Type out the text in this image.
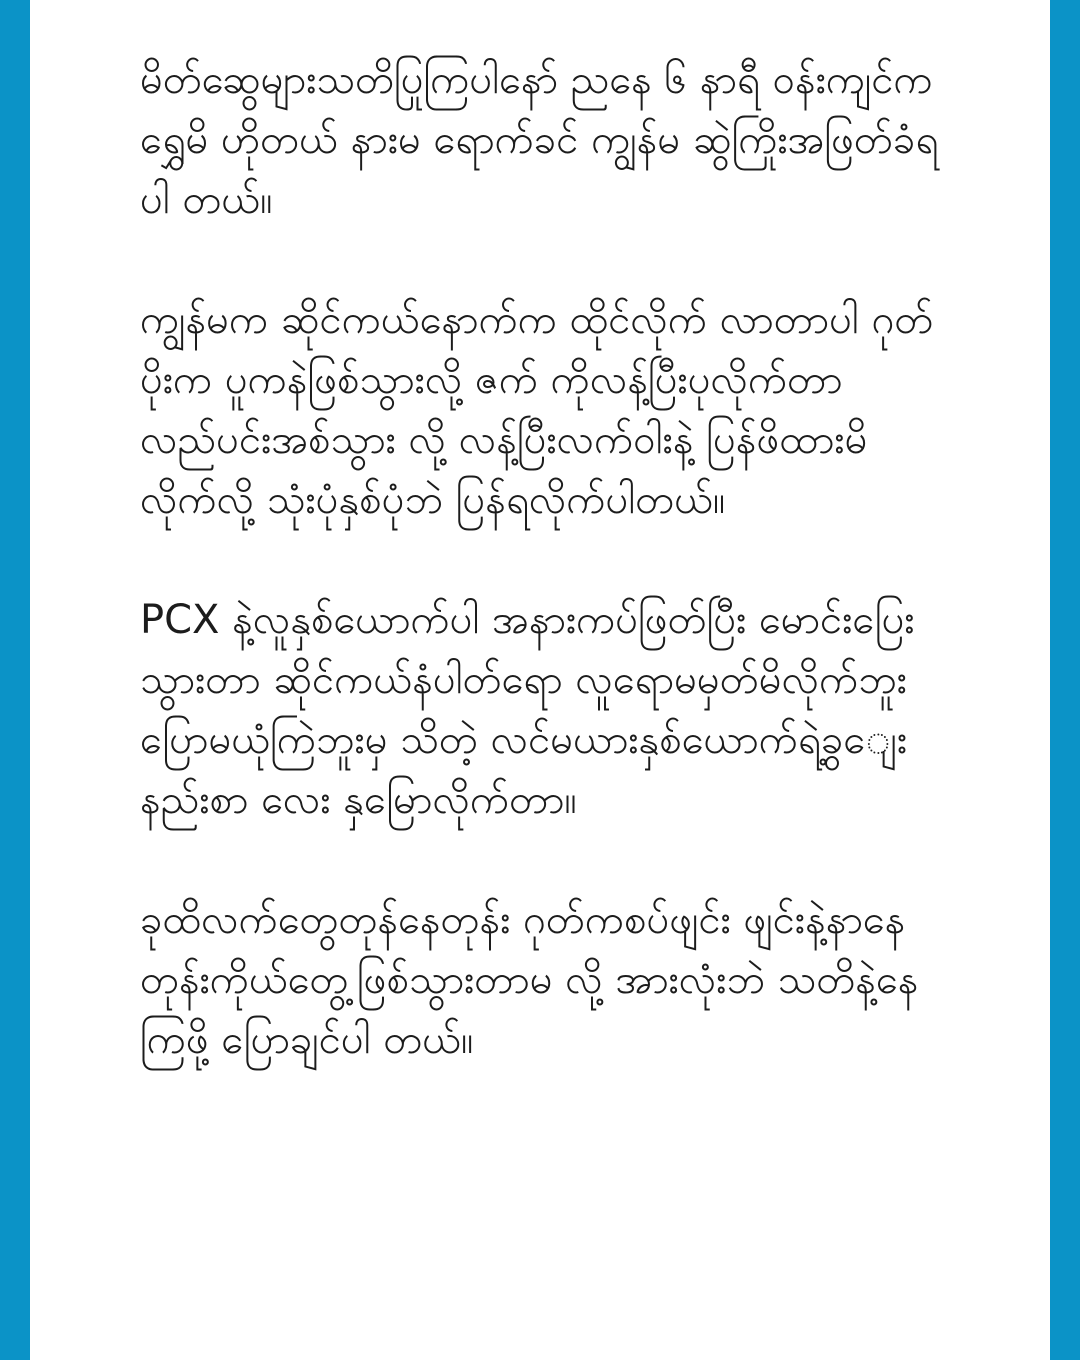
မိတ်ဆွေများသတိပြုကြပါနော် ညနေ ၆ နာရီ ဝန်းကျင်က ရွှေမိ ဟိုတယ် နားမ ရောက်ခင် ကျွန်မ ဆွဲကြိုးအဖြတ်ခံရပါ တယ်။

ကျွန်မက ဆိုင်ကယ်နောက်က ထိုင်လိုက် လာတာပါ ဂုတ်ပိုးက ပူကနဲဖြစ်သွားလို့ ဇက် ကိုလန့်ပြီးပုလိုက်တာ လည်ပင်းအစ်သွား လို့ လန့်ပြီးလက်ဝါးနဲ့ ပြန်ဖိထားမိလိုက်လို့ သုံးပုံနှစ်ပုံဘဲ ပြန်ရလိုက်ပါတယ်။

PCX နဲ့လူနှစ်ယောက်ပါ အနားကပ်ဖြတ်ပြီး မောင်းပြေးသွားတာ ဆိုင်ကယ်နံပါတ်ရော လူရောမမှတ်မိလိုက်ဘူး ပြောမယုံကြဲဘူးမှ သိတဲ့ လင်မယားနှစ်ယောက်ရဲ့ခွျေးနည်းစာ လေး နှမြောလိုက်တာ။

ခုထိလက်တွေတုန်နေတုန်း ဂုတ်ကစပ်ဖျင်း ဖျင်းနဲ့နာနေတုန်းကိုယ်တွေ့ဖြစ်သွားတာမ လို့ အားလုံးဘဲ သတိနဲ့နေကြဖို့ ပြောချင်ပါ တယ်။
